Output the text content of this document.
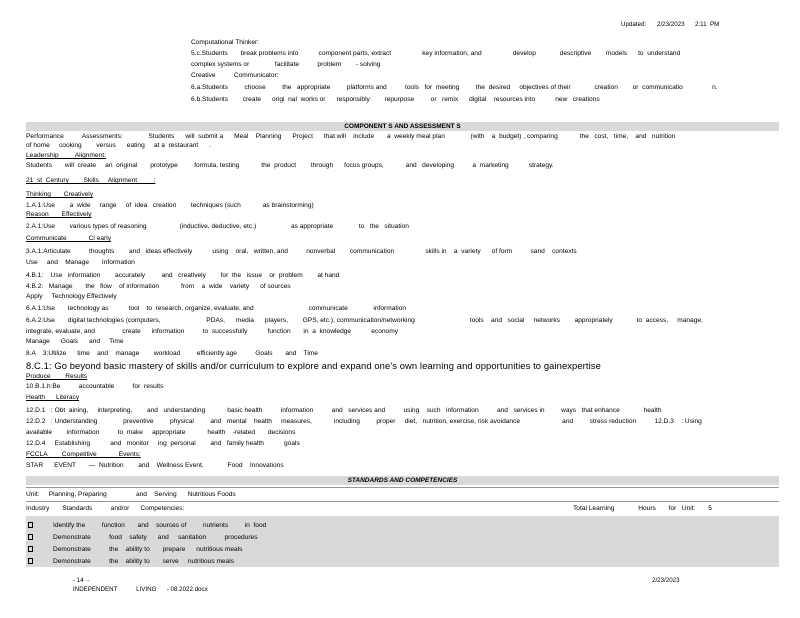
Updated: 2/23/2023 2:11  PM
Computational Thinker:
5.c.Students       break problems into           component parts, extract                 key information, and                 develop             descriptive        models      to  understand
complex systems or              facilitate          problem        - solving
Creative          Communicator:
6.a.Students         choose         the   appropriate         platforms and          tools   for  meeting         the  desired     objectives of their             creation        or  communicatio                n.
6.b.Students        create      origi  nal  works or      responsibly        repurpose         or   remix      digital    resources into           new   creations
COMPONENT S AND ASSESSMENT S
Performance          Assessments:              Students      will  submit a      Meal    Planning      Project      that will    include       a  weekly meal plan              (with    a  budget) , comparing            the   cost,   time,    and   nutrition
of home     cooking        versus      eating     at a  restaurant      .
Leadership         Alignment:
Students       will  create     an  original       prototype         formula, testing            the  product        through      focus groups,            and   developing          a  marketing           strategy.
21  st  Century        Skills     Alignment         :
Thinking       Creatively
1.A.1:Use        a  wide     range     of  idea   creation        techniques (such            as brainstorming)
Reason       Effectively
2.A.1:Use        various types of reasoning                  (inductive, deductive, etc.)                   as appropriate              to   the   situation
Communicate            Cl early
3.A.1:Articulate          thoughts        and   ideas effectively           using    oral,   written, and          nonverbal        communication                 skills in    a  variety      of form          sand    contexts
Use     and    Manage       Information
4.B.1:    Use   information        accurately         and   creatively        for  the   issue    or  problem        at hand
4.B.2:   Manage       the   flow    of information            from    a  wide    variety      of sources
Apply     Technology Effectively
6.A.1:Use       technology as           tool    to  research, organize, evaluate, and                              communicate              information
6.A.2:Use       digital technologies (computers,                         PDAs,      media      players,        GPS, etc.), communication/networking                              tools    and   social     networks        appropriately             to  access,     manage,
integrate, evaluate, and               create      information          to  successfully           function       in  a  knowledge           economy
Manage      Goals      and     Time
8.A    3:Utilize      time    and    manage        workload         efficiently age          Goals       and    Time
8.C.1: Go beyond basic mastery of skills and/or curriculum to explore and expand one's own learning and opportunities to gainexpertise
Produce        Results
10.B.1.h:Be          accountable          for  results
Health      Literacy
12.D.1   : Obt  aining,     interpreting,        and   understanding            basic health          information          and   services and          using    such   information          and   services in         ways   that enhance             health
12.D.2   : Understanding              preventive         physical         and   mental    health     measures,            including         proper     diet,   nutrition, exercise, risk avoidance                       and         stress reduction          12.D.3    : Using
available        information          to  make     appropriate            health    -related       decisions
12.D.4     Establishing           and   monitor     ing  personal        and   family health           goals
FCCLA        Competitive            Events:
STAR      EVENT       —  Nutrition        and    Wellness Event,             Food    Innovations
STANDARDS AND COMPETENCIES
Unit:     Planning, Preparing                and    Serving      Nutritious Foods
Industry       Standards          and/or      Competencies:	Total Learning             Hours       for   Unit:       5
Identify the         function       and    sources of         nutrients         in  food
Demonstrate          food    safety      and     sanitation          procedures
Demonstrate          the    ability to       prepare      nutritious meals
Demonstrate          the    ability to       serve     nutritious meals
- 14  -
INDEPENDENT           LIVING      - 08.2022.docx
2/23/2023
